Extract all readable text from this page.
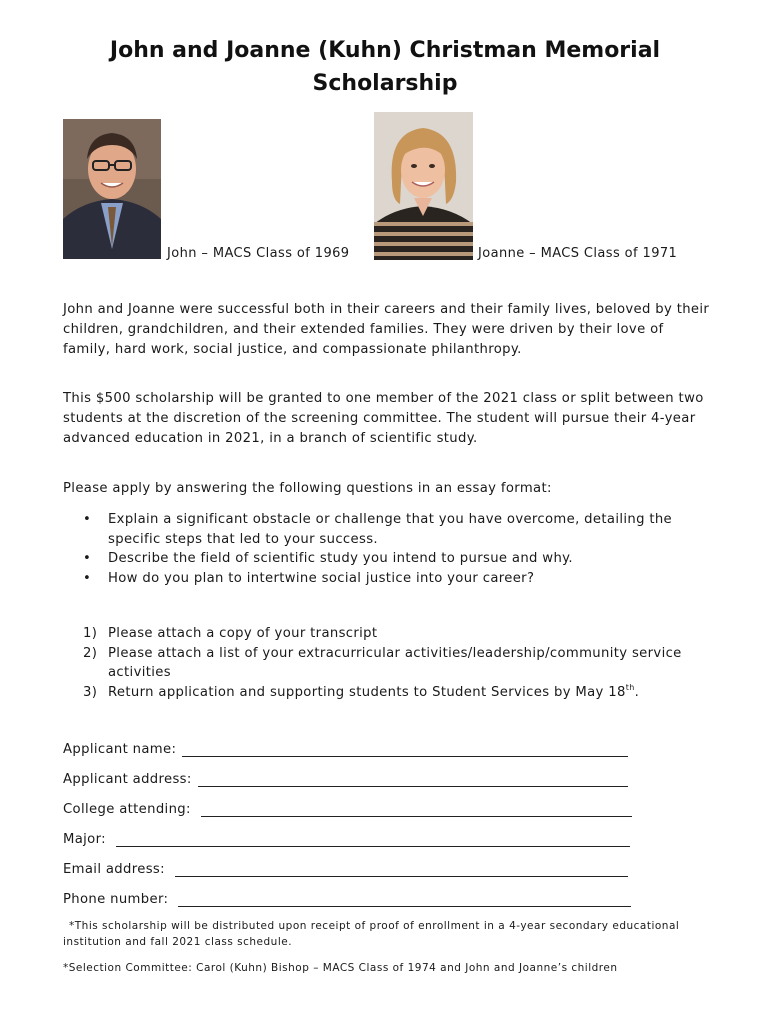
John and Joanne (Kuhn) Christman Memorial Scholarship
John – MACS Class of 1969	Joanne – MACS Class of 1971

John and Joanne were successful both in their careers and their family lives, beloved by their children, grandchildren, and their extended families. They were driven by their love of family, hard work, social justice, and compassionate philanthropy.

This $500 scholarship will be granted to one member of the 2021 class or split between two students at the discretion of the screening committee. The student will pursue their 4-year advanced education in 2021, in a branch of scientific study.

Please apply by answering the following questions in an essay format:

• Explain a significant obstacle or challenge that you have overcome, detailing the specific steps that led to your success.
• Describe the field of scientific study you intend to pursue and why.
• How do you plan to intertwine social justice into your career?
1) Please attach a copy of your transcript
2) Please attach a list of your extracurricular activities/leadership/community service activities
3) Return application and supporting students to Student Services by May 18th.
Applicant name:
Applicant address:
College attending:
Major:
Email address:
Phone number:

*This scholarship will be distributed upon receipt of proof of enrollment in a 4-year secondary educational institution and fall 2021 class schedule.

*Selection Committee: Carol (Kuhn) Bishop – MACS Class of 1974 and John and Joanne’s children
